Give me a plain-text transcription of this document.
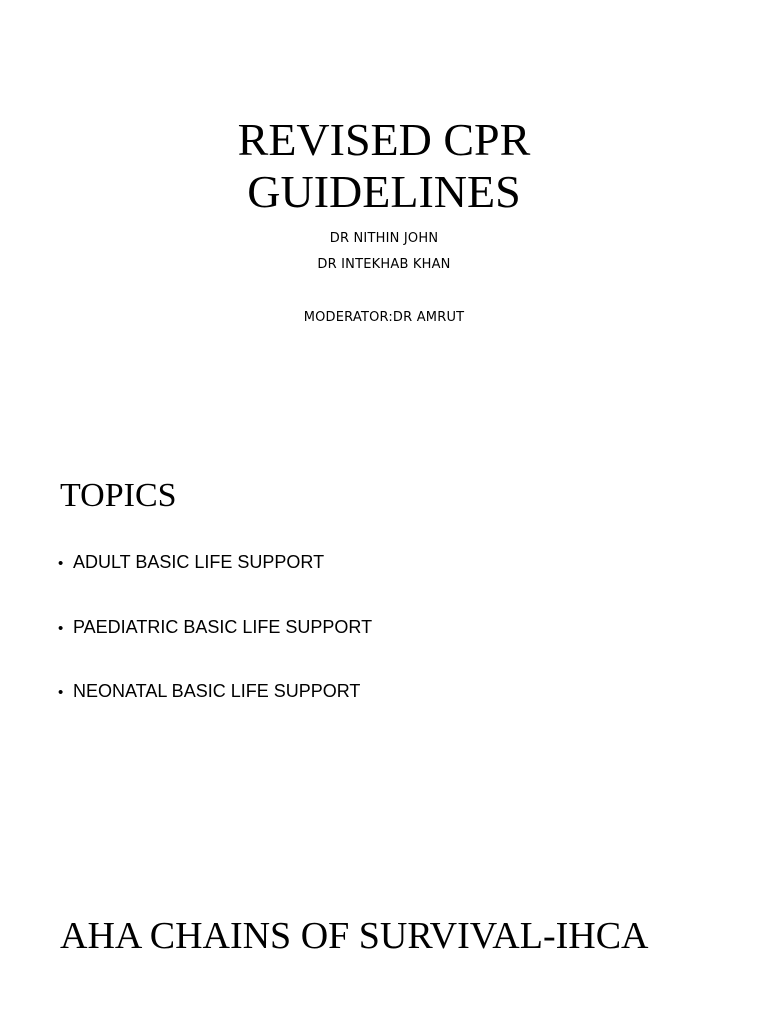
REVISED CPR
GUIDELINES
DR NITHIN JOHN
DR INTEKHAB KHAN
MODERATOR:DR AMRUT
TOPICS
• ADULT BASIC LIFE SUPPORT
• PAEDIATRIC BASIC LIFE SUPPORT
• NEONATAL BASIC LIFE SUPPORT
AHA CHAINS OF SURVIVAL-IHCA
